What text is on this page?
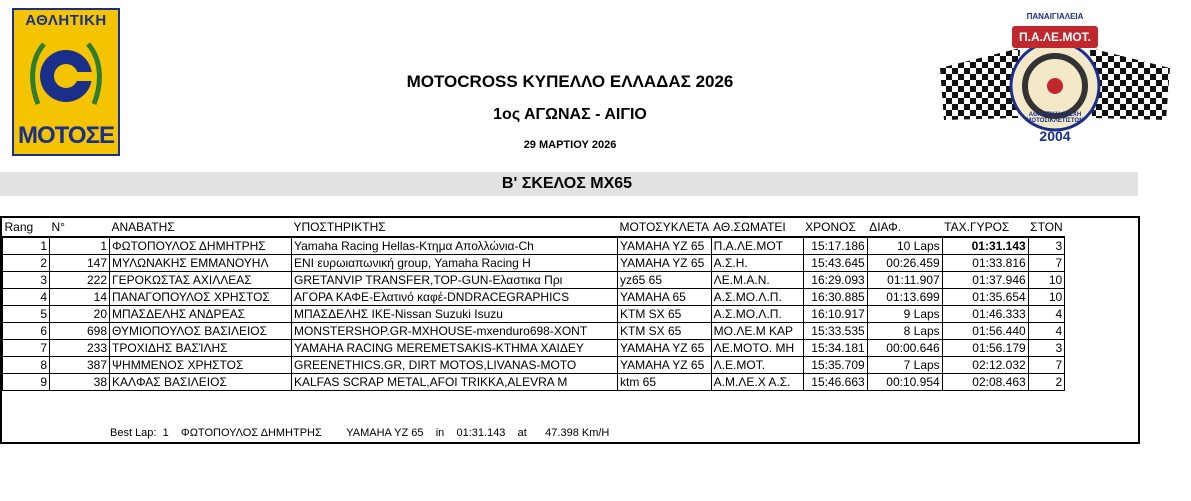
ΑΘΛΗΤΙΚΗ
ΜΟΤΟΣΕ
ΠΑΝΑΙΓΙΑΛΕΙΑ
Π.Α.ΛΕ.ΜΟΤ.
ΑΘΛΗΤΙΚΗ ΛΕΣΧΗ ΜΟΤΟΣΙΚΛΕΤΙΣΤΩΝ
2004
MOTOCROSS ΚΥΠΕΛΛΟ ΕΛΛΑΔΑΣ 2026
1ος ΑΓΩΝΑΣ - ΑΙΓΙΟ
29 ΜΑΡΤΙΟΥ 2026
Β' ΣΚΕΛΟΣ MX65
Rang	N°	ΑΝΑΒΑΤΗΣ	ΥΠΟΣΤΗΡΙΚΤΗΣ	ΜΟΤΟΣΥΚΛΕΤΑ	ΑΘ.ΣΩΜΑΤΕΙ	ΧΡΟΝΟΣ	ΔΙΑΦ.	ΤΑΧ.ΓΥΡΟΣ	ΣΤΟΝ
1	1	ΦΩΤΟΠΟΥΛΟΣ ΔΗΜΗΤΡΗΣ	Yamaha Racing Hellas-Κτημα Απολλώνια-Ch	YAMAHA YZ 65	Π.Α.ΛΕ.ΜΟΤ	15:17.186	10 Laps	01:31.143	3
2	147	ΜΥΛΩΝΑΚΗΣ ΕΜΜΑΝΟΥΗΛ	ENI ευρωιαπωνική group, Yamaha Racing H	YAMAHA YZ 65	Α.Σ.Η.	15:43.645	00:26.459	01:33.816	7
3	222	ΓΕΡΟΚΩΣΤΑΣ ΑΧΙΛΛΕΑΣ	GRETANVIP TRANSFER,TOP-GUN-Ελαστικα Πρι	yz65 65	ΛΕ.Μ.Α.Ν.	16:29.093	01:11.907	01:37.946	10
4	14	ΠΑΝΑΓΟΠΟΥΛΟΣ ΧΡΗΣΤΟΣ	ΑΓΟΡΑ ΚΑΦΕ-Ελατινό καφέ-DNDRACEGRAPHICS	YAMAHA 65	Α.Σ.ΜΟ.Λ.Π.	16:30.885	01:13.699	01:35.654	10
5	20	ΜΠΑΣΔΕΛΗΣ ΑΝΔΡΕΑΣ	ΜΠΑΣΔΕΛΗΣ ΙΚΕ-Nissan Suzuki Isuzu	KTM SX 65	Α.Σ.ΜΟ.Λ.Π.	16:10.917	9 Laps	01:46.333	4
6	698	ΘΥΜΙΟΠΟΥΛΟΣ ΒΑΣΙΛΕΙΟΣ	MONSTERSHOP.GR-MXHOUSE-mxenduro698-XONT	KTM SX 65	ΜΟ.ΛΕ.Μ ΚΑΡ	15:33.535	8 Laps	01:56.440	4
7	233	ΤΡΟΧΙΔΗΣ ΒΑΣΊΛΗΣ	YAMAHA RACING MEREMETSAKIS-ΚΤΗΜΑ ΧΑΙΔΕΥ	YAMAHA YZ 65	ΛΕ.ΜΟΤΟ. ΜΗ	15:34.181	00:00.646	01:56.179	3
8	387	ΨΗΜΜΕΝΟΣ ΧΡΗΣΤΟΣ	GREENETHICS.GR, DIRT MOTOS,LIVANAS-MOTO	YAMAHA YZ 65	Λ.Ε.ΜΟΤ.	15:35.709	7 Laps	02:12.032	7
9	38	ΚΑΛΦΑΣ ΒΑΣΙΛΕΙΟΣ	KALFAS SCRAP METAL,AFOI TRIKKA,ALEVRA M	ktm 65	Α.Μ.ΛΕ.Χ Α.Σ.	15:46.663	00:10.954	02:08.463	2
Best Lap:  1    ΦΩΤΟΠΟΥΛΟΣ ΔΗΜΗΤΡΗΣ        YAMAHA YZ 65    in    01:31.143    at      47.398 Km/H
